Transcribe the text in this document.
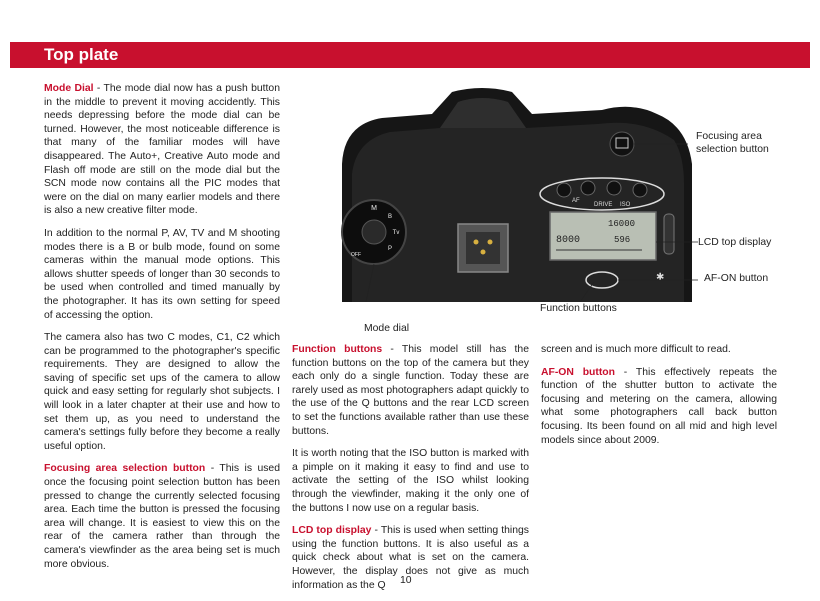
Top plate

Mode Dial - The mode dial now has a push button in the middle to prevent it moving accidently. This needs depressing before the mode dial can be turned. However, the most noticeable difference is that many of the familiar modes will have disappeared. The Auto+, Creative Auto mode and Flash off mode are still on the mode dial but the SCN mode now contains all the PIC modes that were on the dial on many earlier models and there is also a new creative filter mode.

In addition to the normal P, AV, TV and M shooting modes there is a B or bulb mode, found on some cameras within the manual mode options. This allows shutter speeds of longer than 30 seconds to be used when controlled and timed manually by the photographer. It has its own setting for speed of accessing the option.

The camera also has two C modes, C1, C2 which can be programmed to the photographer's specific requirements. They are designed to allow the saving of specific set ups of the camera to allow quick and easy setting for regularly shot subjects. I will look in a later chapter at their use and how to set them up, as you need to understand the camera's settings fully before they become a really useful option.

Focusing area selection button - This is used once the focusing point selection button has been pressed to change the currently selected focusing area. Each time the button is pressed the focusing area will change. It is easiest to view this on the rear of the camera rather than through the camera's viewfinder as the area being set is much more obvious.

M
B
Tv
P
OFF
AF
DRIVE ISO
16000
8000	596
✱
Focusing area selection button
LCD top display
AF-ON button
Function buttons
Mode dial

Function buttons - This model still has the function buttons on the top of the camera but they each only do a single function. Today these are rarely used as most photographers adapt quickly to the use of the Q buttons and the rear LCD screen to set the functions available rather than use these buttons.

It is worth noting that the ISO button is marked with a pimple on it making it easy to find and use to activate the setting of the ISO whilst looking through the viewfinder, making it the only one of the buttons I now use on a regular basis.

LCD top display - This is used when setting things using the function buttons. It is also useful as a quick check about what is set on the camera. However, the display does not give as much information as the Q

screen and is much more difficult to read.

AF-ON button - This effectively repeats the function of the shutter button to activate the focusing and metering on the camera, allowing what some photographers call back button focusing. Its been found on all mid and high level models since about 2009.

10
